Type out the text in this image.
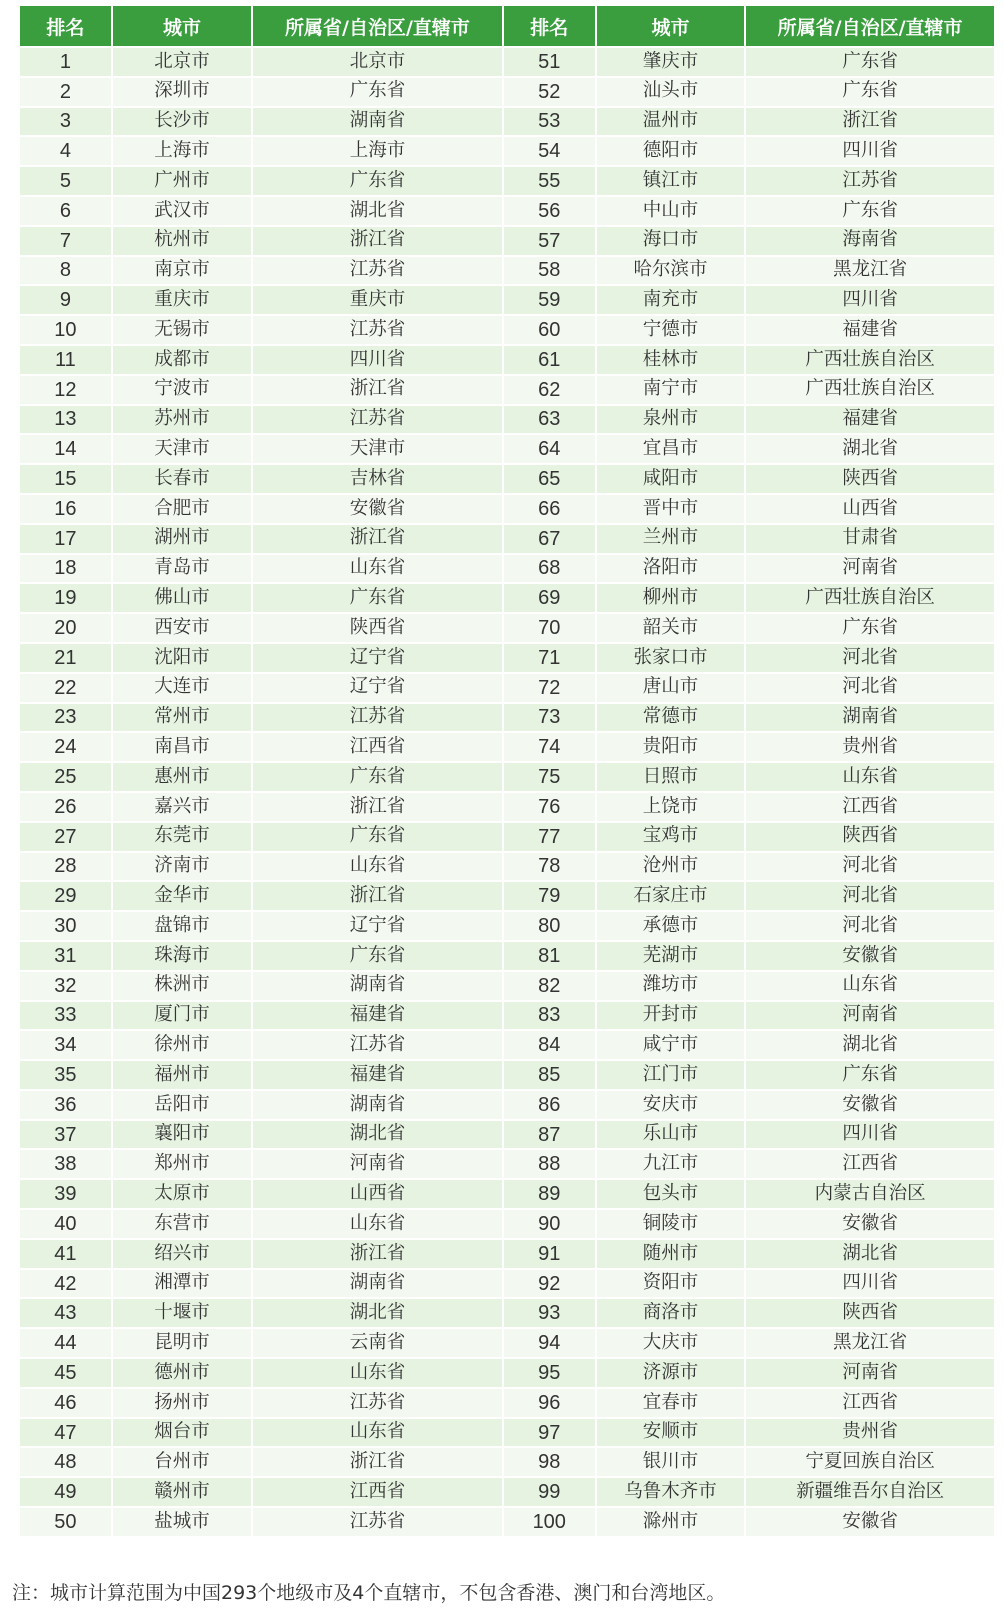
排名	城市	所属省/自治区/直辖市	排名	城市	所属省/自治区/直辖市
1	北京市	北京市	51	肇庆市	广东省
2	深圳市	广东省	52	汕头市	广东省
3	长沙市	湖南省	53	温州市	浙江省
4	上海市	上海市	54	德阳市	四川省
5	广州市	广东省	55	镇江市	江苏省
6	武汉市	湖北省	56	中山市	广东省
7	杭州市	浙江省	57	海口市	海南省
8	南京市	江苏省	58	哈尔滨市	黑龙江省
9	重庆市	重庆市	59	南充市	四川省
10	无锡市	江苏省	60	宁德市	福建省
11	成都市	四川省	61	桂林市	广西壮族自治区
12	宁波市	浙江省	62	南宁市	广西壮族自治区
13	苏州市	江苏省	63	泉州市	福建省
14	天津市	天津市	64	宜昌市	湖北省
15	长春市	吉林省	65	咸阳市	陕西省
16	合肥市	安徽省	66	晋中市	山西省
17	湖州市	浙江省	67	兰州市	甘肃省
18	青岛市	山东省	68	洛阳市	河南省
19	佛山市	广东省	69	柳州市	广西壮族自治区
20	西安市	陕西省	70	韶关市	广东省
21	沈阳市	辽宁省	71	张家口市	河北省
22	大连市	辽宁省	72	唐山市	河北省
23	常州市	江苏省	73	常德市	湖南省
24	南昌市	江西省	74	贵阳市	贵州省
25	惠州市	广东省	75	日照市	山东省
26	嘉兴市	浙江省	76	上饶市	江西省
27	东莞市	广东省	77	宝鸡市	陕西省
28	济南市	山东省	78	沧州市	河北省
29	金华市	浙江省	79	石家庄市	河北省
30	盘锦市	辽宁省	80	承德市	河北省
31	珠海市	广东省	81	芜湖市	安徽省
32	株洲市	湖南省	82	潍坊市	山东省
33	厦门市	福建省	83	开封市	河南省
34	徐州市	江苏省	84	咸宁市	湖北省
35	福州市	福建省	85	江门市	广东省
36	岳阳市	湖南省	86	安庆市	安徽省
37	襄阳市	湖北省	87	乐山市	四川省
38	郑州市	河南省	88	九江市	江西省
39	太原市	山西省	89	包头市	内蒙古自治区
40	东营市	山东省	90	铜陵市	安徽省
41	绍兴市	浙江省	91	随州市	湖北省
42	湘潭市	湖南省	92	资阳市	四川省
43	十堰市	湖北省	93	商洛市	陕西省
44	昆明市	云南省	94	大庆市	黑龙江省
45	德州市	山东省	95	济源市	河南省
46	扬州市	江苏省	96	宜春市	江西省
47	烟台市	山东省	97	安顺市	贵州省
48	台州市	浙江省	98	银川市	宁夏回族自治区
49	赣州市	江西省	99	乌鲁木齐市	新疆维吾尔自治区
50	盐城市	江苏省	100	滁州市	安徽省
注：城市计算范围为中国293个地级市及4个直辖市，不包含香港、澳门和台湾地区。
